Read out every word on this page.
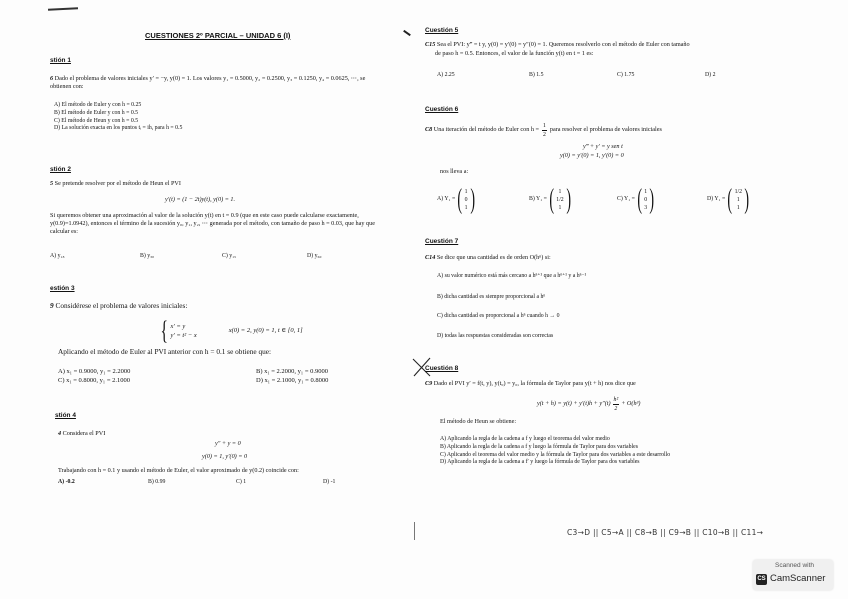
CUESTIONES 2º PARCIAL – UNIDAD 6 (I)
stión 1
6 Dado el problema de valores iniciales y′ = −y, y(0) = 1. Los valores y₁ = 0.5000, y₂ = 0.2500, y₃ = 0.1250, y₄ = 0.0625, ⋯, se obtienen con:
A) El método de Euler y con h = 0.25
B) El método de Euler y con h = 0.5
C) El método de Heun y con h = 0.5
D) La solución exacta en los puntos tᵢ = ih, para h = 0.5
stión 2
5 Se pretende resolver por el método de Heun el PVI
y′(t) = (1 − 2t)y(t), y(0) = 1.
Si queremos obtener una aproximación al valor de la solución y(t) en t = 0.9 (que en este caso puede calcularse exactamente, y(0.9)=1.0942), entonces el término de la sucesión y₀, y₁, y₂, ⋯ generada por el método, con tamaño de paso h = 0.03, que hay que calcular es:
A) y₁₈	B) y₃₀	C) y₁₅	D) y₆₀
estión 3
9 Considérese el problema de valores iniciales:
{ x′ = y
y′ = t² − x
x(0) = 2, y(0) = 1, t ∈ [0, 1]
Aplicando el método de Euler al PVI anterior con h = 0.1 se obtiene que:
A) x₁ = 0.9000, y₁ = 2.2000	B) x₁ = 2.2000, y₁ = 0.9000
C) x₁ = 0.8000, y₁ = 2.1000	D) x₁ = 2.1000, y₁ = 0.8000
stión 4
4 Considera el PVI
y″ + y = 0
y(0) = 1, y′(0) = 0
Trabajando con h = 0.1 y usando el método de Euler, el valor aproximado de y(0.2) coincide con:
A) -0.2	B) 0.99	C) 1	D) -1
Cuestión 5
C15 Sea el PVI: y‴ = t y, y(0) = y′(0) = y″(0) = 1. Queremos resolverlo con el método de Euler con tamaño
de paso h = 0.5. Entonces, el valor de la función y(t) en t = 1 es:
A) 2.25	B) 1.5	C) 1.75	D) 2
Cuestión 6
C8
Una iteración del método de Euler con $h = \frac{1}{2}$ para resolver el problema de valores iniciales
y‴ + y′ = y sen t
y(0) = y′(0) = 1, y′(0) = 0
nos lleva a:
A) Y₁ = ( 1
0
1 )	B) Y₁ = ( 1
1/2
1 )	C) Y₁ = ( 1
0
3 )	D) Y₁ = ( 1/2
1
1 )
Cuestión 7
C14 Se dice que una cantidad es de orden O(hⁿ) si:
A) su valor numérico está más cercano a hⁿ⁺¹ que a hⁿ⁺¹ y a hⁿ⁻¹
B) dicha cantidad es siempre proporcional a hⁿ
C) dicha cantidad es proporcional a hⁿ cuando h → 0
D) todas las respuestas consideradas son correctas
Cuestión 8
C9 Dado el PVI y′ = f(t, y), y(t₀) = y₀, la fórmula de Taylor para y(t + h) nos dice que
$y(t + h) = y(t) + y'(t)h + y''(t) \frac{\text{h²}}{2} + O(h^3)$
El método de Heun se obtiene:
A) Aplicando la regla de la cadena a f y luego el teorema del valor medio
B) Aplicando la regla de la cadena a f y luego la fórmula de Taylor para dos variables
C) Aplicando el teorema del valor medio y la fórmula de Taylor para dos variables a este desarrollo
D) Aplicando la regla de la cadena a f′ y luego la fórmula de Taylor para dos variables
C3→D || C5→A || C8→B || C9→B || C10→B || C11→
Scanned with
CS CamScanner
